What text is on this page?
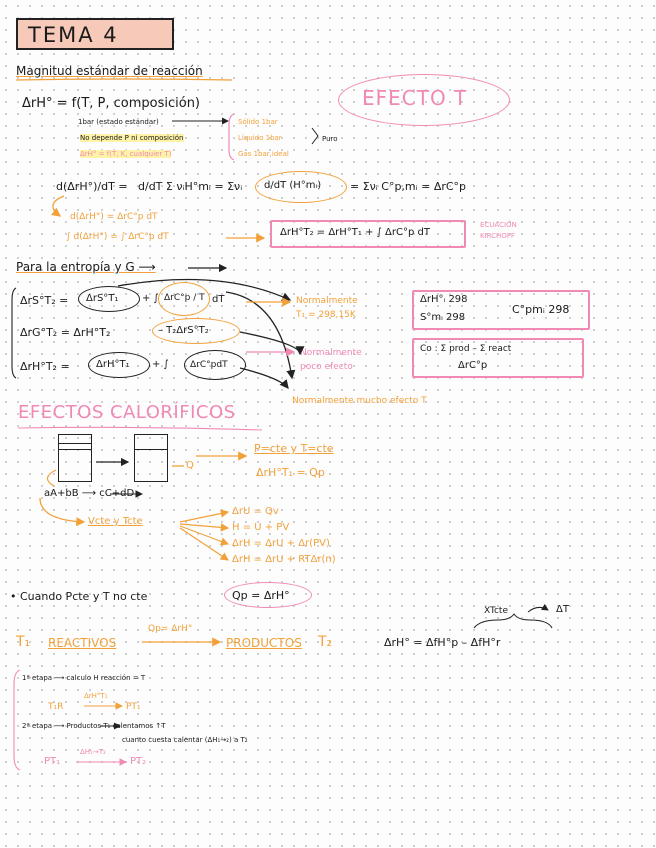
TEMA 4
Magnitud estándar de reacción
EFECTO T
ΔrH° = f(T, P, composición)
1bar (estado estándar)
No depende P ni composición
ΔrH° = f(T, K, cualquier T)
Sólido 1bar
Líquido 1bar
Gas 1bar,ideal
Puro
d(ΔrH°)/dT = d/dT Σ νᵢH°mᵢ = Σνᵢ d/dT (H°mᵢ)	= Σνᵢ C°p,mᵢ = ΔrC°p
d(ΔrH°) = ΔrC°p dT
∫ d(ΔrH°) = ∫ ΔrC°p dT	ΔrH°T₂ = ΔrH°T₁ + ∫ ΔrC°p dT
ECUACIÓN KIRCHOFF
Para la entropía y G ⟶
ΔrS°T₂ = ΔrS°T₁ + ∫ ΔrC°p / T dT
ΔrG°T₂ = ΔrH°T₂	– T₂ΔrS°T₂
ΔrH°T₂ =	ΔrH°T₁ + ∫ ΔrC°pdT
Normalmente
T₁ = 298,15K
Normalmente
poco efecto
Normalmente mucho efecto T
ΔrH°ᵢ 298
S°mᵢ 298
C°pmᵢ 298
Cᴏ : Σ prod – Σ react
ΔrC°p
EFECTOS CALORÍFICOS
Q
aA+bB ⟶ cC+dD
P=cte y T=cte
ΔrH°T₁ = Qp
Vcte y Tcte
ΔrU = Qv
H = U + PV
ΔrH = ΔrU + Δr(PV)
ΔrH = ΔrU + RTΔr(n)
• Cuando Pcte y T no cte	Qp = ΔrH°
XTcte	ΔT
T₁ REACTIVOS
Qp= ΔrH°
PRODUCTOS T₂	ΔrH° = ΔfH°p – ΔfH°r
1ª etapa ⟶ calculo H reacción = T
T₁R
ΔrH°T₁
PT₁
2ª etapa ⟶ Productos T₁ calentamos ↑T
cuanto cuesta calentar (ΔH₁→₂) a T₂
PT₁
ΔH₁→T₂
PT₂
